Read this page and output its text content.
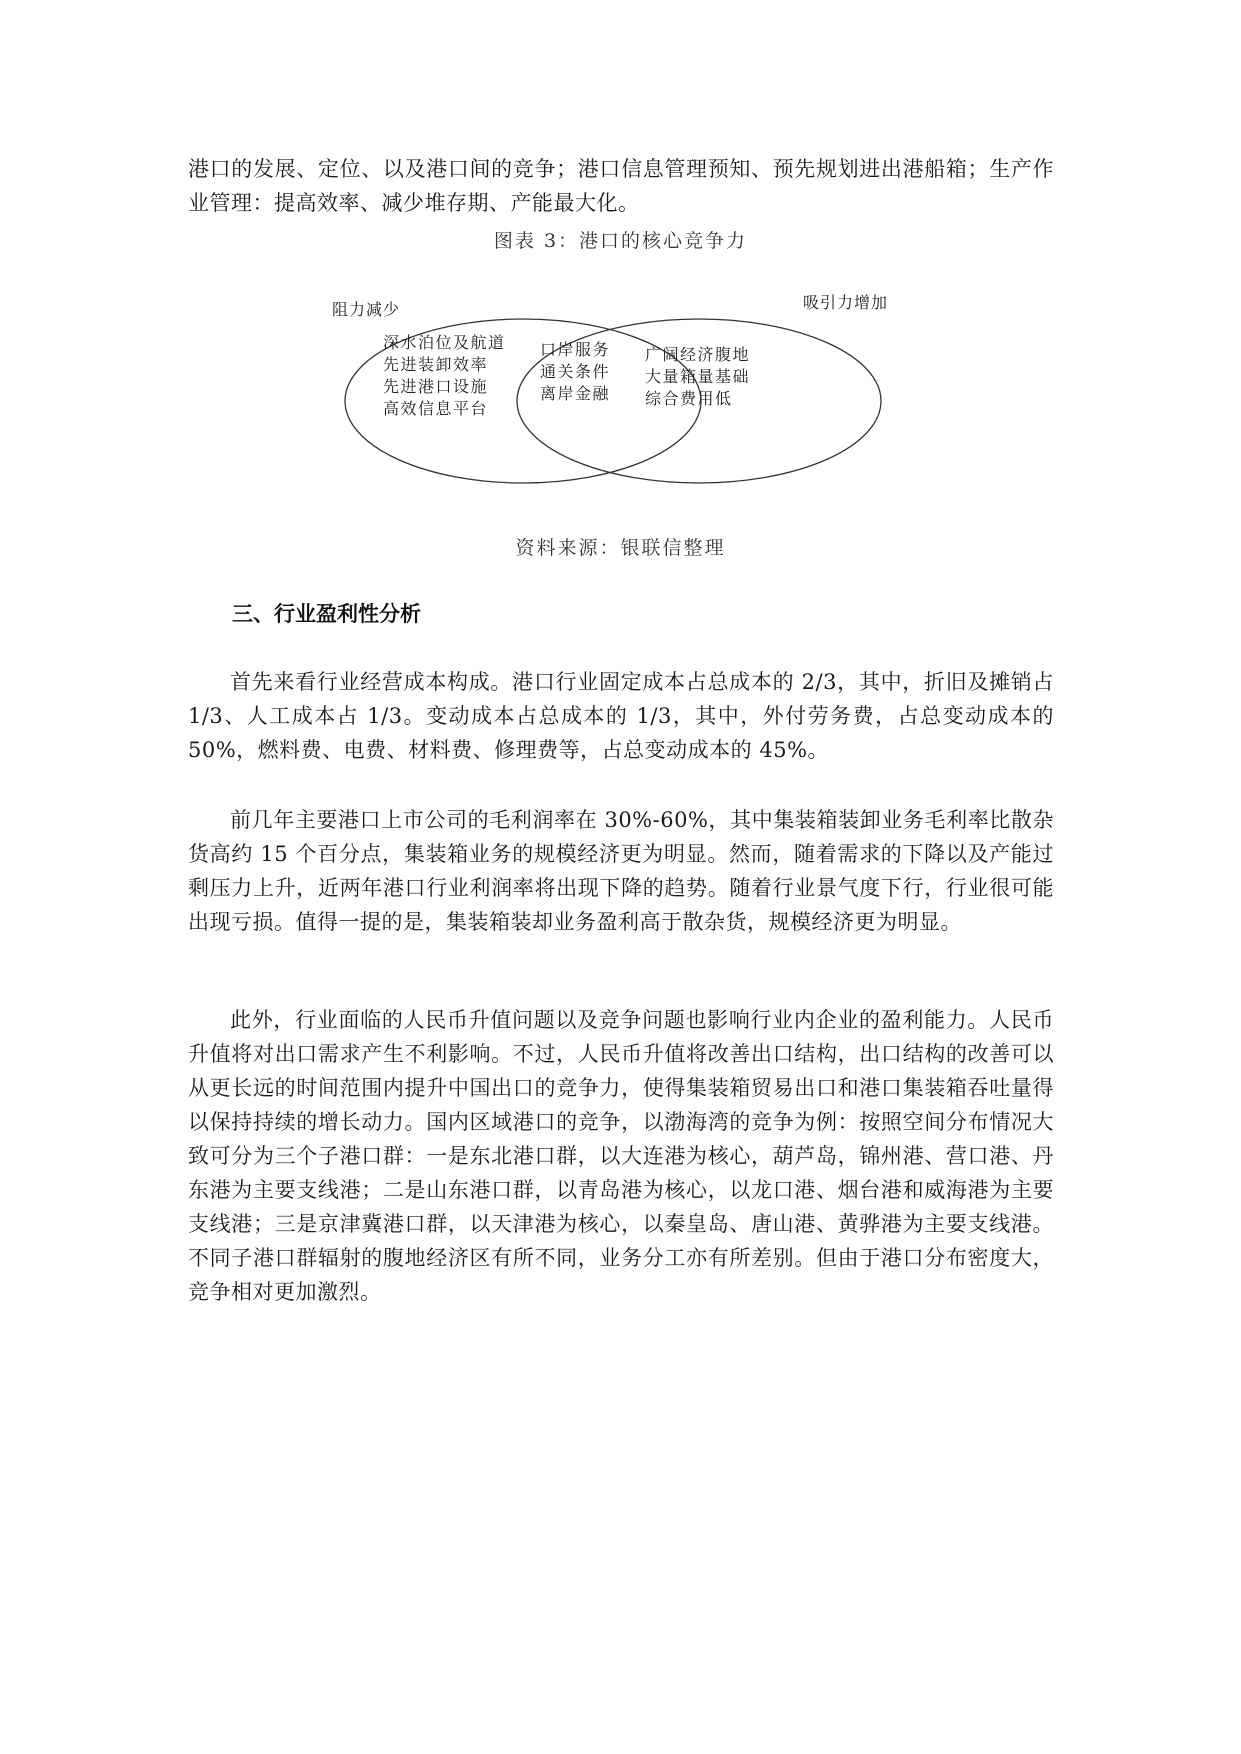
港口的发展、定位、以及港口间的竞争；港口信息管理预知、预先规划进出港船箱；生产作业管理：提高效率、减少堆存期、产能最大化。
图表 3：港口的核心竞争力
阻力减少	吸引力增加
深水泊位及航道
先进装卸效率
先进港口设施
高效信息平台
口岸服务
通关条件
离岸金融
广阔经济腹地
大量箱量基础
综合费用低
资料来源：银联信整理
三、行业盈利性分析
首先来看行业经营成本构成。港口行业固定成本占总成本的 2/3，其中，折旧及摊销占 1/3、人工成本占 1/3。变动成本占总成本的 1/3，其中，外付劳务费，占总变动成本的 50%，燃料费、电费、材料费、修理费等，占总变动成本的 45%。
前几年主要港口上市公司的毛利润率在 30%-60%，其中集装箱装卸业务毛利率比散杂货高约 15 个百分点，集装箱业务的规模经济更为明显。然而，随着需求的下降以及产能过剩压力上升，近两年港口行业利润率将出现下降的趋势。随着行业景气度下行，行业很可能出现亏损。值得一提的是，集装箱装却业务盈利高于散杂货，规模经济更为明显。
此外，行业面临的人民币升值问题以及竞争问题也影响行业内企业的盈利能力。人民币升值将对出口需求产生不利影响。不过，人民币升值将改善出口结构，出口结构的改善可以从更长远的时间范围内提升中国出口的竞争力，使得集装箱贸易出口和港口集装箱吞吐量得以保持持续的增长动力。国内区域港口的竞争，以渤海湾的竞争为例：按照空间分布情况大致可分为三个子港口群：一是东北港口群，以大连港为核心，葫芦岛，锦州港、营口港、丹东港为主要支线港；二是山东港口群，以青岛港为核心，以龙口港、烟台港和威海港为主要支线港；三是京津冀港口群，以天津港为核心，以秦皇岛、唐山港、黄骅港为主要支线港。不同子港口群辐射的腹地经济区有所不同，业务分工亦有所差别。但由于港口分布密度大，竞争相对更加激烈。
